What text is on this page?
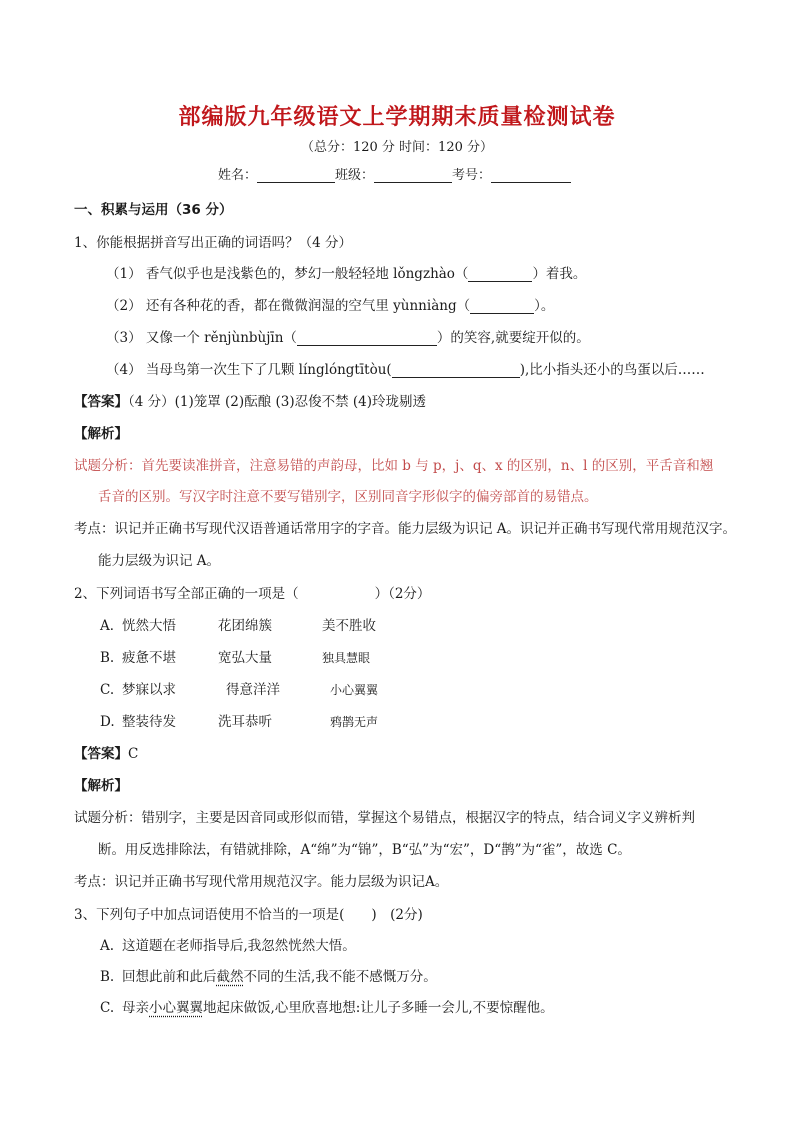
部编版九年级语文上学期期末质量检测试卷
（总分：120 分 时间：120 分）
姓名：	班级：	考号：
一、积累与运用（36 分）
1、你能根据拼音写出正确的词语吗？（4 分）
（1） 香气似乎也是浅紫色的，梦幻一般轻轻地 lǒngzhào（	）着我。
（2） 还有各种花的香，都在微微润湿的空气里 yùnniàng（	）。
（3） 又像一个 rěnjùnbùjīn（	）的笑容,就要绽开似的。
（4） 当母鸟第一次生下了几颗 línglóngtītòu(	),比小指头还小的鸟蛋以后……
【答案】（4 分）(1)笼罩 (2)酝酿 (3)忍俊不禁 (4)玲珑剔透
【解析】
试题分析：首先要读准拼音，注意易错的声韵母，比如 b 与 p，j、q、x 的区别，n、l 的区别，平舌音和翘
舌音的区别。写汉字时注意不要写错别字，区别同音字形似字的偏旁部首的易错点。
考点：识记并正确书写现代汉语普通话常用字的字音。能力层级为识记 A。识记并正确书写现代常用规范汉字。
能力层级为识记 A。
2、下列词语书写全部正确的一项是（	）（2分）
A．恍然大悟	花团绵簇	美不胜收
B. 疲惫不堪	宽弘大量	独具慧眼
C. 梦寐以求	得意洋洋	小心翼翼
D. 整装待发	洗耳恭听	鸦鹊无声
【答案】C
【解析】
试题分析：错别字，主要是因音同或形似而错，掌握这个易错点，根据汉字的特点，结合词义字义辨析判
断。用反选排除法，有错就排除，A“绵”为“锦”，B“弘”为“宏”，D“鹊”为“雀”，故选 C。
考点：识记并正确书写现代常用规范汉字。能力层级为识记A。
3、下列句子中加点词语使用不恰当的一项是(　　)　(2分)
A. 这道题在老师指导后,我忽然恍然大悟。
B. 回想此前和此后截然不同的生活,我不能不感慨万分。
C. 母亲小心翼翼地起床做饭,心里欣喜地想:让儿子多睡一会儿,不要惊醒他。
